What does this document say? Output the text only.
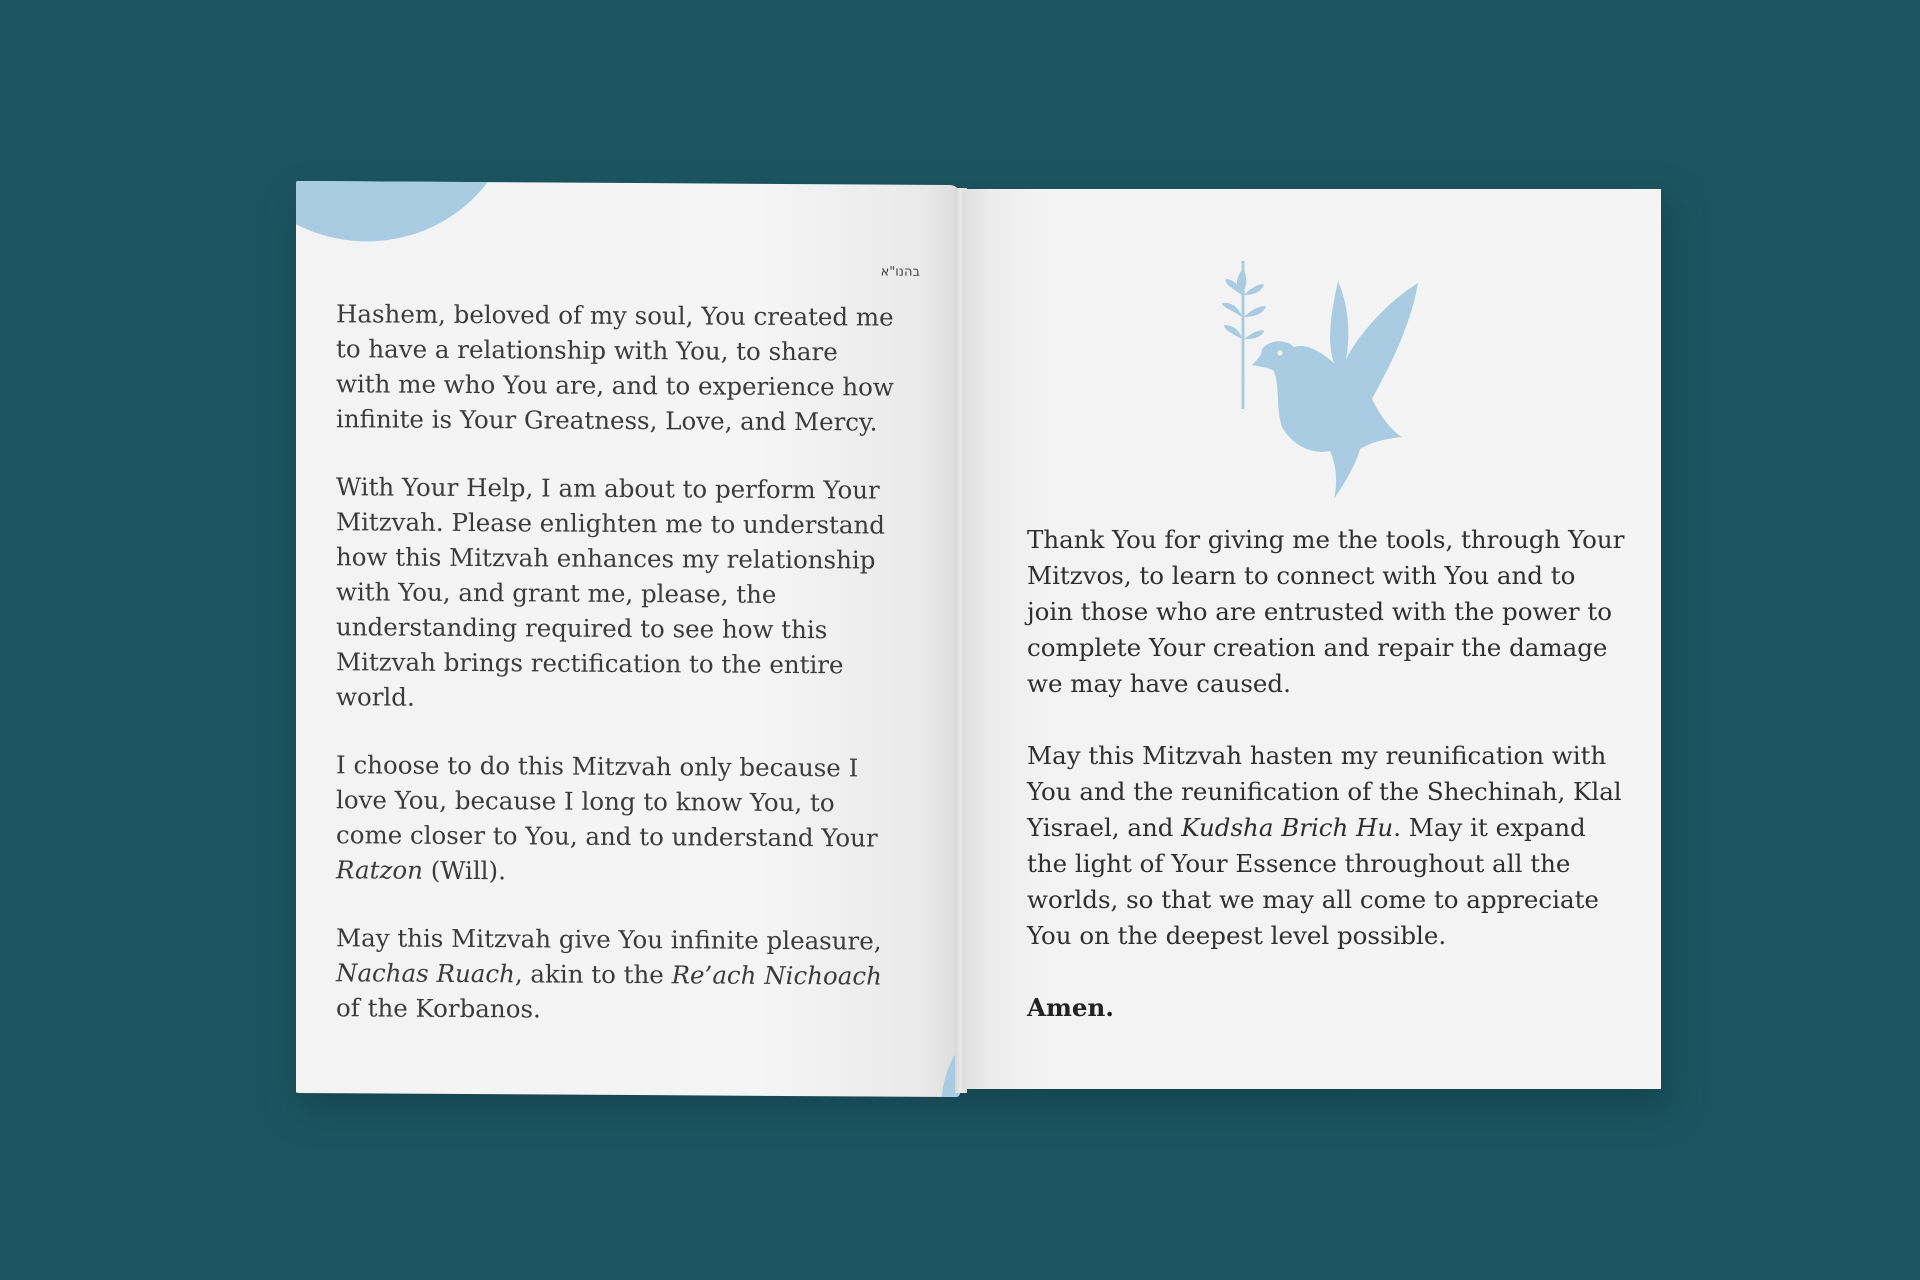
בהנו"א

Hashem, beloved of my soul, You created me to have a relationship with You, to share with me who You are, and to experience how infinite is Your Greatness, Love, and Mercy.

With Your Help, I am about to perform Your Mitzvah. Please enlighten me to understand how this Mitzvah enhances my relationship with You, and grant me, please, the understanding required to see how this Mitzvah brings rectification to the entire world.

I choose to do this Mitzvah only because I love You, because I long to know You, to come closer to You, and to understand Your Ratzon (Will).

May this Mitzvah give You infinite pleasure, Nachas Ruach, akin to the Re’ach Nichoach of the Korbanos.

Thank You for giving me the tools, through Your Mitzvos, to learn to connect with You and to join those who are entrusted with the power to complete Your creation and repair the damage we may have caused.

May this Mitzvah hasten my reunification with You and the reunification of the Shechinah, Klal Yisrael, and Kudsha Brich Hu. May it expand the light of Your Essence throughout all the worlds, so that we may all come to appreciate You on the deepest level possible.

Amen.
